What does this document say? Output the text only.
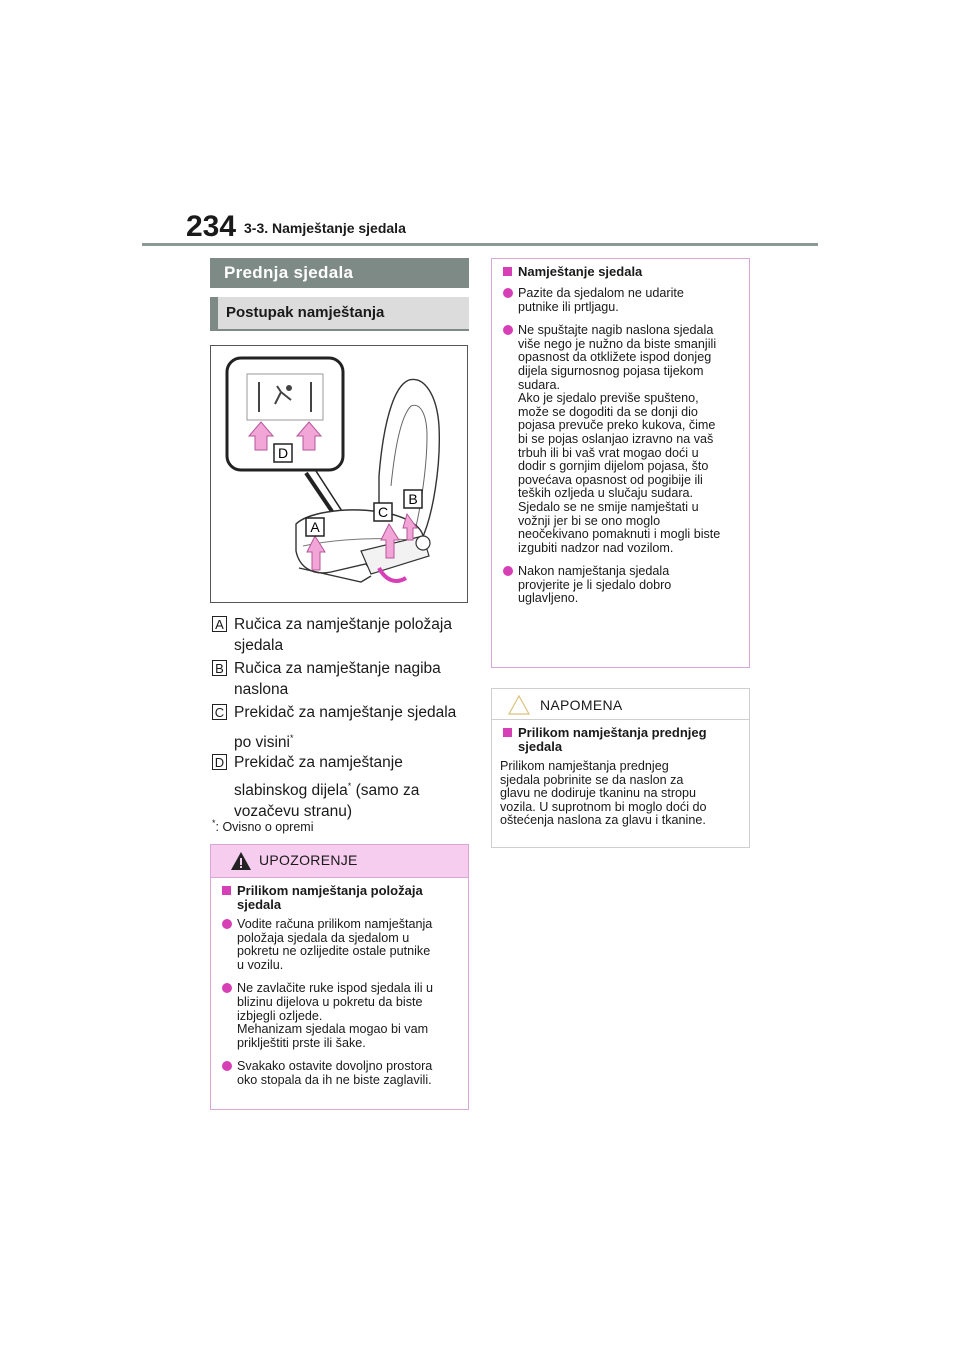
234 3-3. Namještanje sjedala
Prednja sjedala
Postupak namještanja
D
A
C
B
A Ručica za namještanje položaja
sjedala
B Ručica za namještanje nagiba
naslona
C Prekidač za namještanje sjedala
po visini*
D Prekidač za namještanje
slabinskog dijela* (samo za
vozačevu stranu)
*: Ovisno o opremi
UPOZORENJE
Prilikom namještanja položaja
sjedala
Vodite računa prilikom namještanja
položaja sjedala da sjedalom u
pokretu ne ozlijedite ostale putnike
u vozilu.
Ne zavlačite ruke ispod sjedala ili u
blizinu dijelova u pokretu da biste
izbjegli ozljede.
Mehanizam sjedala mogao bi vam
priklještiti prste ili šake.
Svakako ostavite dovoljno prostora
oko stopala da ih ne biste zaglavili.
Namještanje sjedala
Pazite da sjedalom ne udarite
putnike ili prtljagu.
Ne spuštajte nagib naslona sjedala
više nego je nužno da biste smanjili
opasnost da otkližete ispod donjeg
dijela sigurnosnog pojasa tijekom
sudara.
Ako je sjedalo previše spušteno,
može se dogoditi da se donji dio
pojasa prevuče preko kukova, čime
bi se pojas oslanjao izravno na vaš
trbuh ili bi vaš vrat mogao doći u
dodir s gornjim dijelom pojasa, što
povećava opasnost od pogibije ili
teških ozljeda u slučaju sudara.
Sjedalo se ne smije namještati u
vožnji jer bi se ono moglo
neočekivano pomaknuti i mogli biste
izgubiti nadzor nad vozilom.
Nakon namještanja sjedala
provjerite je li sjedalo dobro
uglavljeno.
NAPOMENA
Prilikom namještanja prednjeg
sjedala
Prilikom namještanja prednjeg
sjedala pobrinite se da naslon za
glavu ne dodiruje tkaninu na stropu
vozila. U suprotnom bi moglo doći do
oštećenja naslona za glavu i tkanine.
